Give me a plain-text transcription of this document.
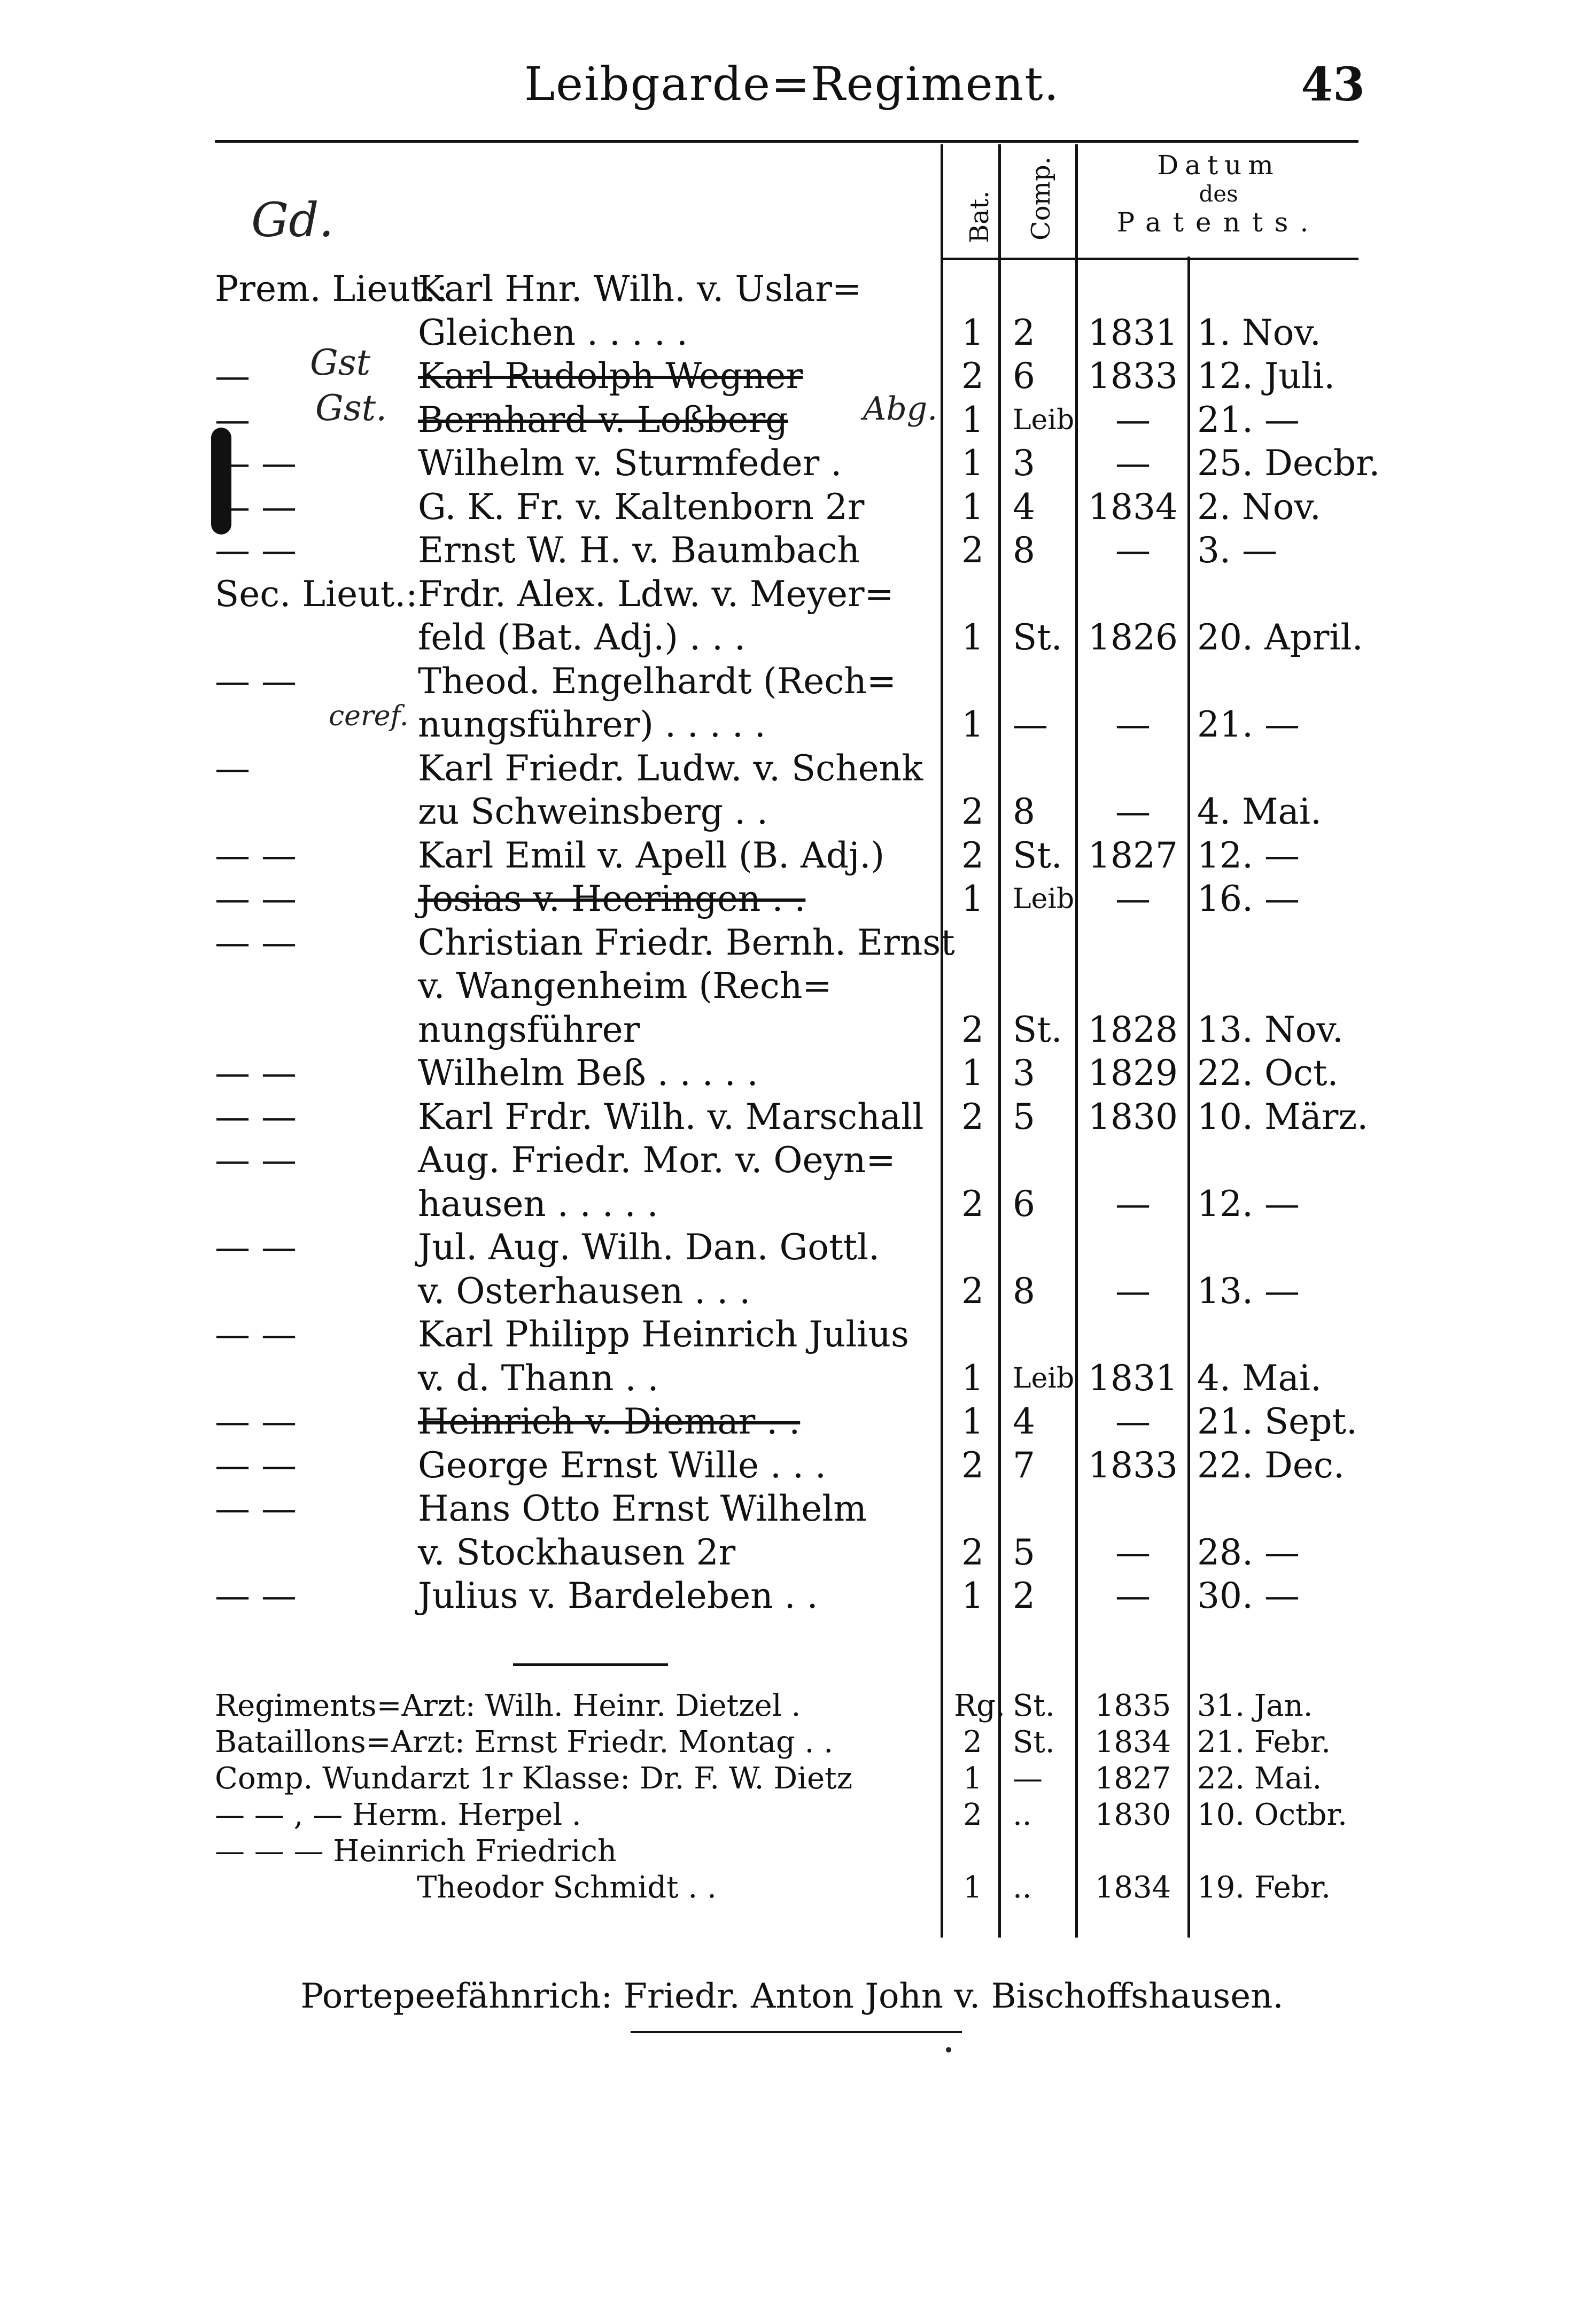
Leibgarde=Regiment.	43
Bat. Comp.	Datum
des
Patents.
Gd.
Gst
Gst.	Abg.
ceref.
Prem. Lieut.:
Karl Hnr. Wilh. v. Uslar=
Gleichen . . . . .	1 2	1831 1. Nov.
—	Karl Rudolph Wegner	2 6	1833 12. Juli.
—	Bernhard v. Loßberg	1 Leib	—	21. —
— —	Wilhelm v. Sturmfeder .	1 3	—	25. Decbr.
— —	G. K. Fr. v. Kaltenborn 2r	1 4	1834 2. Nov.
— —	Ernst W. H. v. Baumbach	2 8	—	3. —
Sec. Lieut.: Frdr. Alex. Ldw. v. Meyer=
feld (Bat. Adj.) . . .	1 St. 1826 20. April.
— —	Theod. Engelhardt (Rech=
nungsführer) . . . . .	1 —	—	21. —
—	Karl Friedr. Ludw. v. Schenk
zu Schweinsberg . .	2 8	—	4. Mai.
— —	Karl Emil v. Apell (B. Adj.) 2 St. 1827 12. —
— —	Josias v. Heeringen . .	1 Leib	—	16. —
— —	Christian Friedr. Bernh. Ernst
v. Wangenheim (Rech=
nungsführer	2 St. 1828 13. Nov.
— —	Wilhelm Beß . . . . .	1 3	1829 22. Oct.
— —	Karl Frdr. Wilh. v. Marschall 2 5	1830 10. März.
— —	Aug. Friedr. Mor. v. Oeyn=
hausen . . . . .	2 6	—	12. —
— —	Jul. Aug. Wilh. Dan. Gottl.
v. Osterhausen . . .	2 8	—	13. —
— —	Karl Philipp Heinrich Julius
v. d. Thann . .	1 Leib 1831 4. Mai.
— —	Heinrich v. Diemar . .	1 4	—	21. Sept.
— —	George Ernst Wille . . .	2 7	1833 22. Dec.
— —	Hans Otto Ernst Wilhelm
v. Stockhausen 2r	2 5	—	28. —
— —	Julius v. Bardeleben . .	1 2	—	30. —
Regiments=Arzt: Wilh. Heinr. Dietzel .	Rg. St.	1835 31. Jan.
Bataillons=Arzt: Ernst Friedr. Montag . .	2	St.	1834 21. Febr.
Comp. Wundarzt 1r Klasse: Dr. F. W. Dietz	1	—	1827 22. Mai.
— — , — Herm. Herpel .	2	..	1830 10. Octbr.
— — — Heinrich Friedrich
Theodor Schmidt . .	1	..	1834 19. Febr.
Portepeefähnrich: Friedr. Anton John v. Bischoffshausen.
